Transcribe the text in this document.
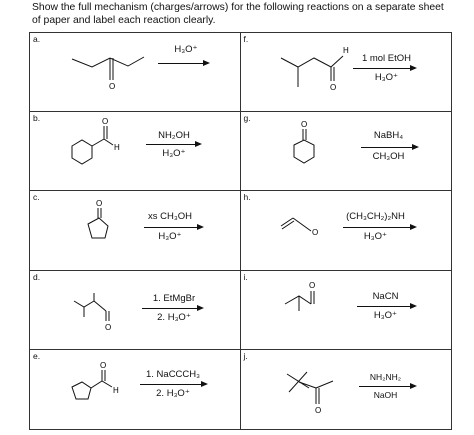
Show the full mechanism (charges/arrows) for the following reactions on a separate sheet of paper and label each reaction clearly.
a.
O
H₃O⁺
f.
O
H
1 mol EtOH
H₃O⁺
b.	O
H
NH₂OH
H₃O⁺
g.
O
NaBH₄
CH₃OH
c.
O
xs CH₃OH
H₃O⁺
h.
O
(CH₃CH₂)₂NH
H₃O⁺
d.
O
1. EtMgBr
2. H₃O⁺
i.
O
NaCN
H₃O⁺
e.
O
H
1. NaCCCH₃
2. H₃O⁺
j.
O
NH₂NH₂
NaOH
